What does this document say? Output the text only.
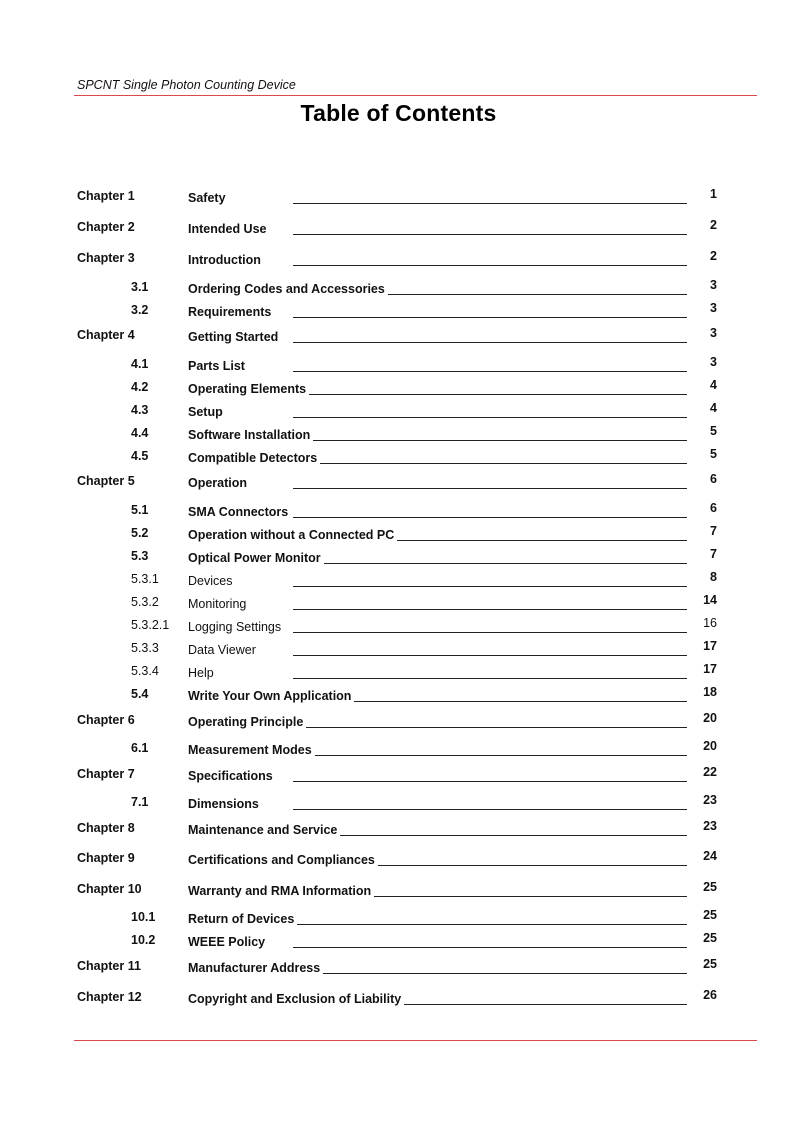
SPCNT Single Photon Counting Device
Table of Contents
Chapter 1	Safety	1
Chapter 2	Intended Use	2
Chapter 3	Introduction	2
3.1	Ordering Codes and Accessories	3
3.2	Requirements	3
Chapter 4	Getting Started	3
4.1	Parts List	3
4.2	Operating Elements	4
4.3	Setup	4
4.4	Software Installation	5
4.5	Compatible Detectors	5
Chapter 5	Operation	6
5.1	SMA Connectors	6
5.2	Operation without a Connected PC	7
5.3	Optical Power Monitor	7
5.3.1 Devices	8
5.3.2 Monitoring	14
5.3.2.1 Logging Settings	16
5.3.3 Data Viewer	17
5.3.4 Help	17
5.4	Write Your Own Application	18
Chapter 6	Operating Principle	20
6.1	Measurement Modes	20
Chapter 7	Specifications	22
7.1	Dimensions	23
Chapter 8	Maintenance and Service	23
Chapter 9	Certifications and Compliances	24
Chapter 10	Warranty and RMA Information	25
10.1	Return of Devices	25
10.2	WEEE Policy	25
Chapter 11	Manufacturer Address	25
Chapter 12	Copyright and Exclusion of Liability	26
